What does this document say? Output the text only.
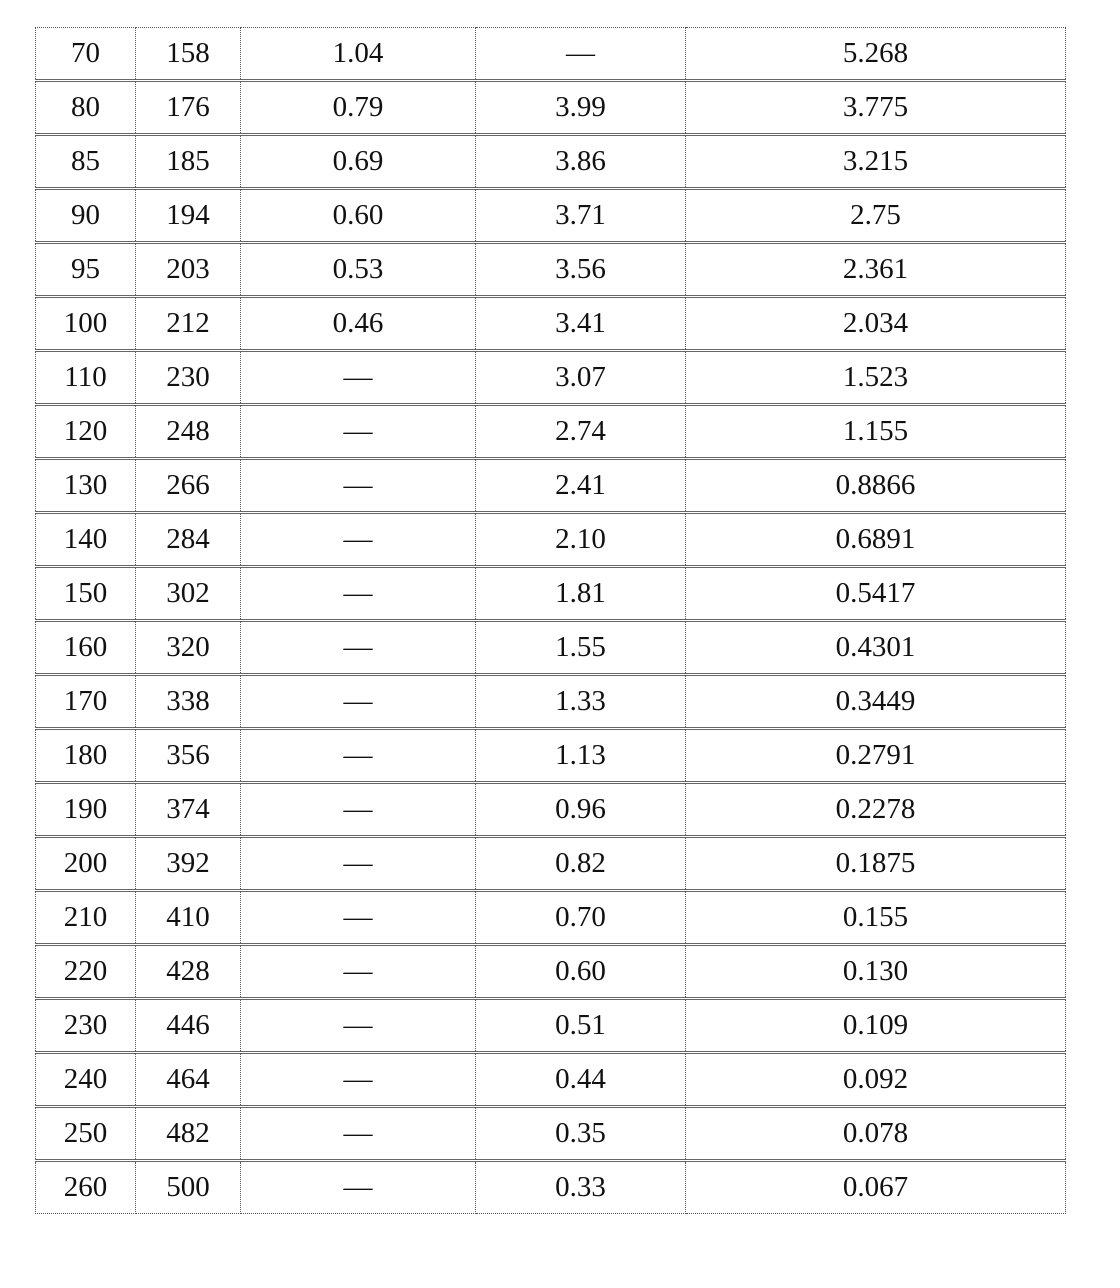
70	158	1.04	—	5.268
80	176	0.79	3.99	3.775
85	185	0.69	3.86	3.215
90	194	0.60	3.71	2.75
95	203	0.53	3.56	2.361
100	212	0.46	3.41	2.034
110	230	—	3.07	1.523
120	248	—	2.74	1.155
130	266	—	2.41	0.8866
140	284	—	2.10	0.6891
150	302	—	1.81	0.5417
160	320	—	1.55	0.4301
170	338	—	1.33	0.3449
180	356	—	1.13	0.2791
190	374	—	0.96	0.2278
200	392	—	0.82	0.1875
210	410	—	0.70	0.155
220	428	—	0.60	0.130
230	446	—	0.51	0.109
240	464	—	0.44	0.092
250	482	—	0.35	0.078
260	500	—	0.33	0.067
